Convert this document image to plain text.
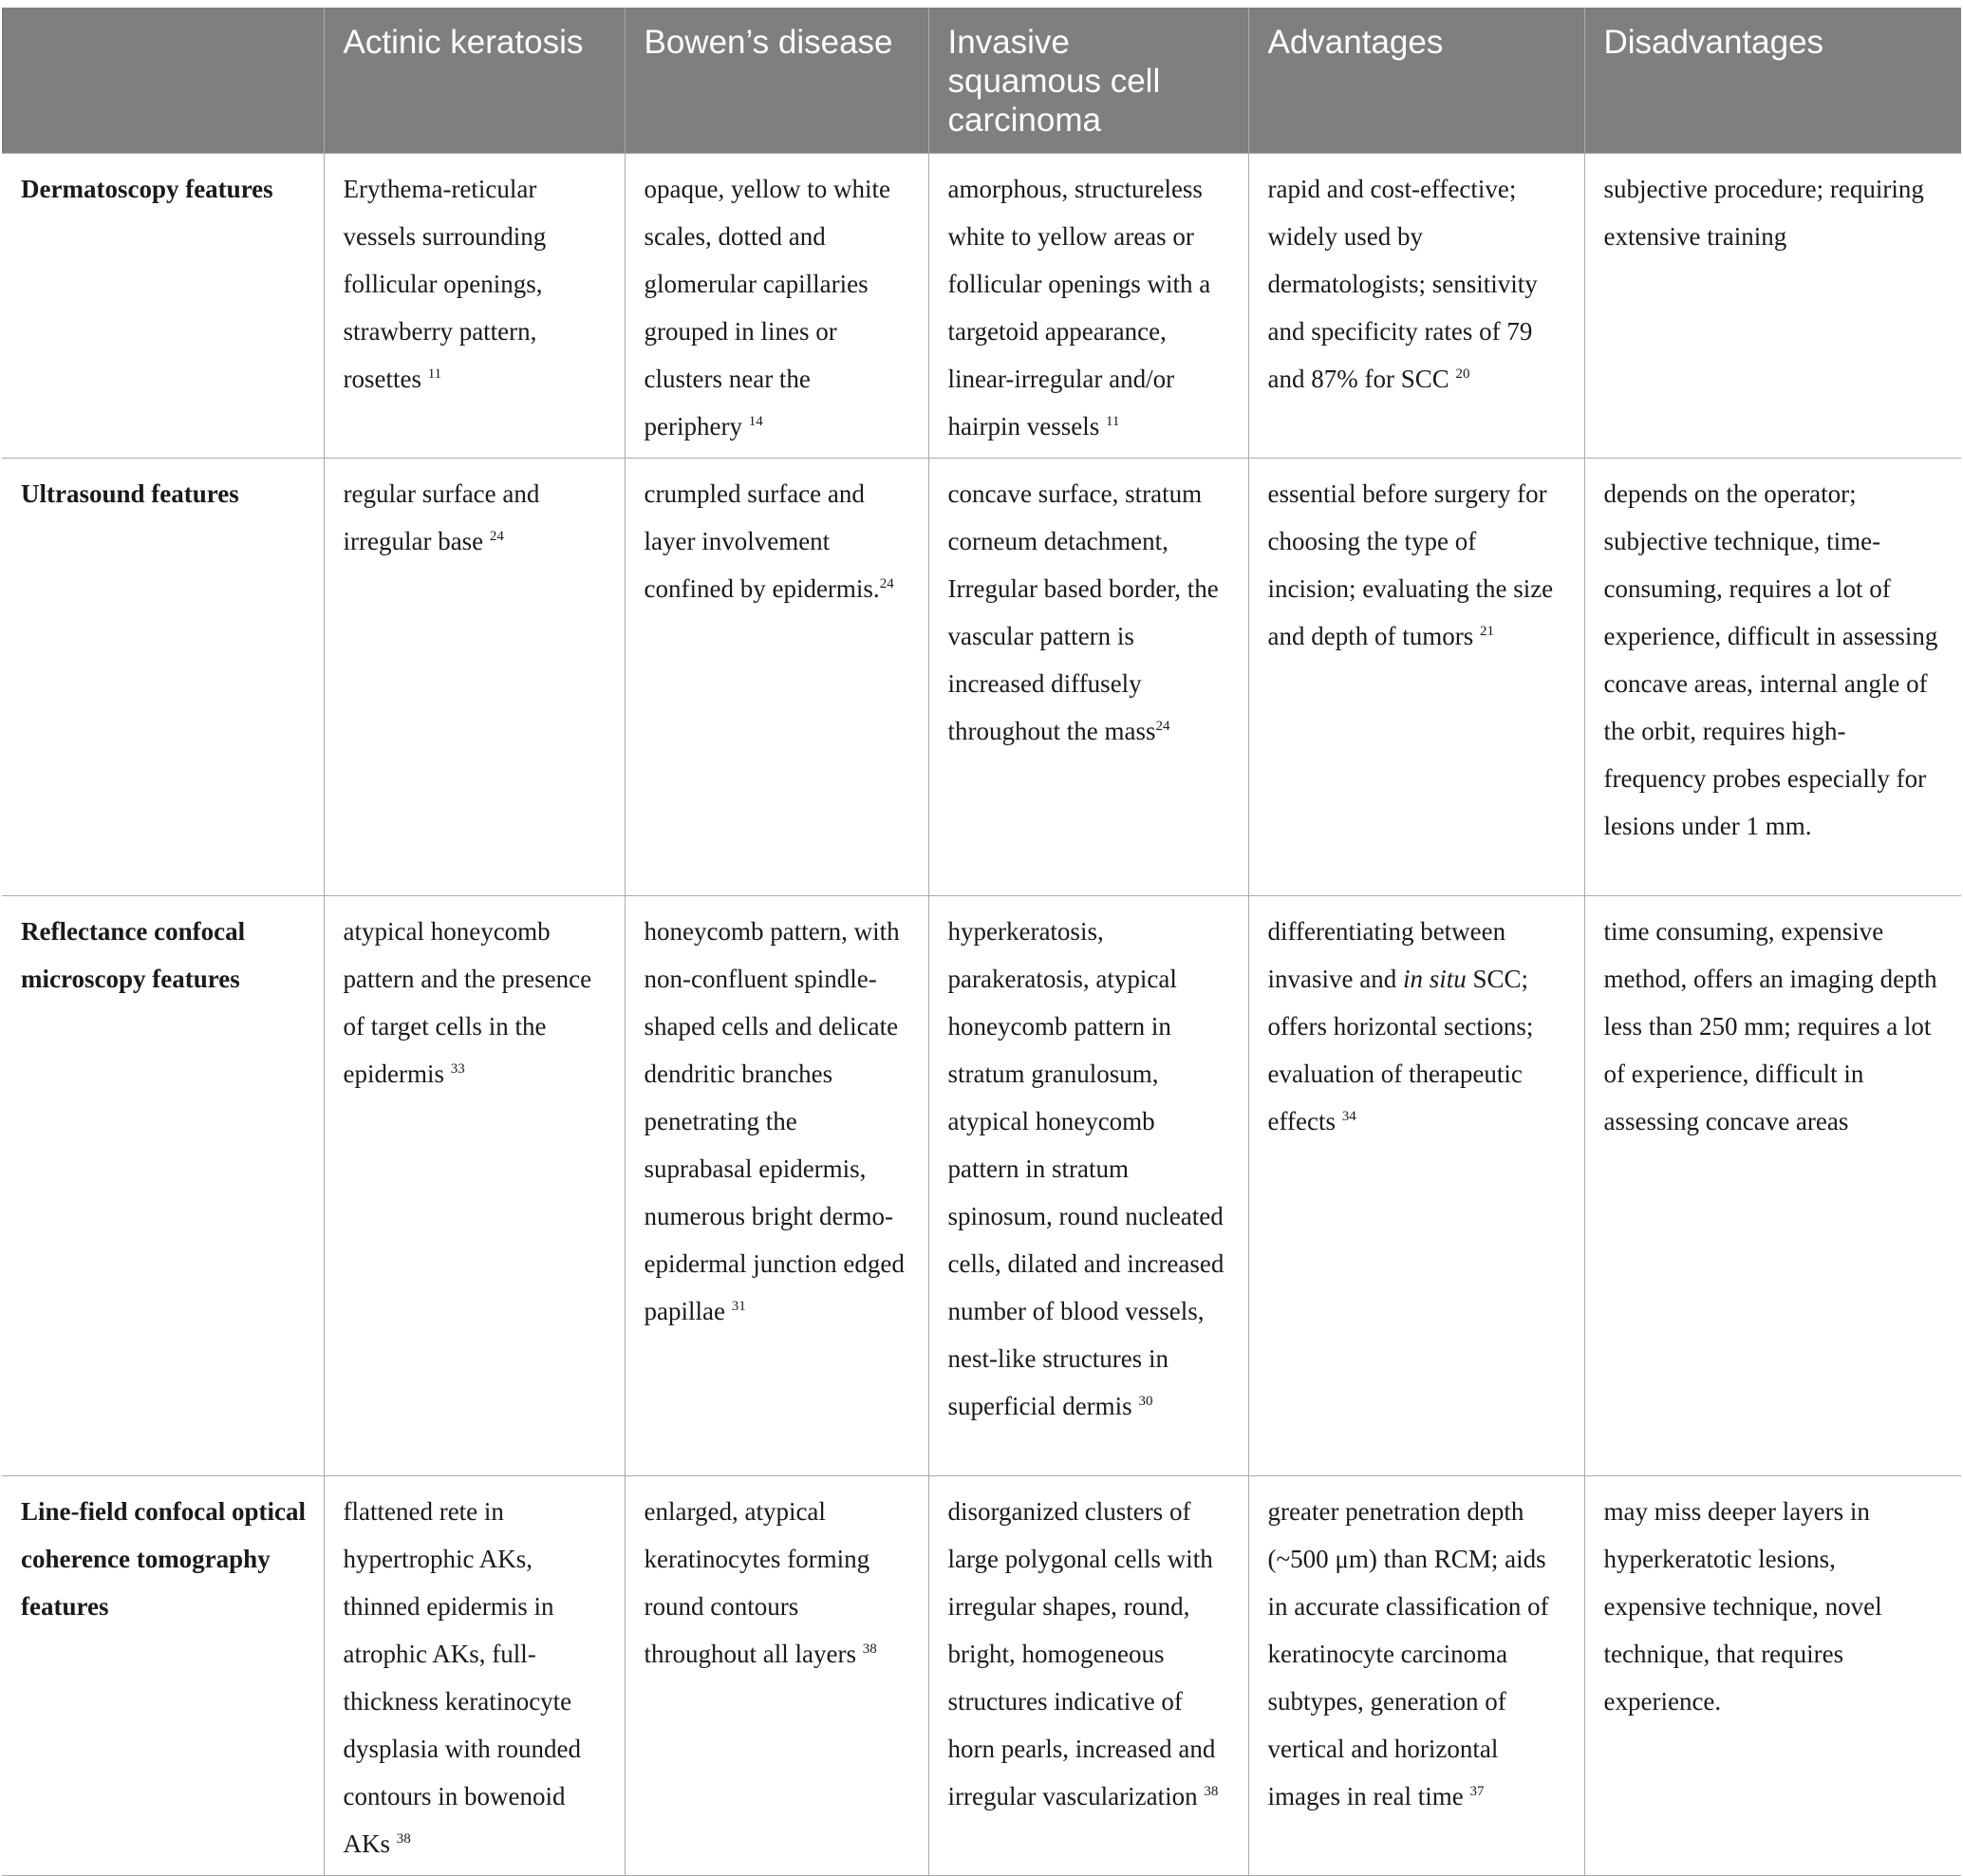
	Actinic keratosis	Bowen’s disease	Invasive squamous cell carcinoma	Advantages	Disadvantages
Dermatoscopy features	Erythema-reticular vessels surrounding follicular openings, strawberry pattern, rosettes $^{11}$	opaque, yellow to white scales, dotted and glomerular capillaries grouped in lines or clusters near the periphery $^{14}$	amorphous, structureless white to yellow areas or follicular openings with a targetoid appearance, linear-irregular and/or hairpin vessels $^{11}$	rapid and cost-effective; widely used by dermatologists; sensitivity and specificity rates of 79 and 87% for SCC $^{20}$	subjective procedure; requiring extensive training
Ultrasound features	regular surface and irregular base $^{24}$	crumpled surface and layer involvement confined by epidermis.$^{24}$	concave surface, stratum corneum detachment, Irregular based border, the vascular pattern is increased diffusely throughout the mass$^{24}$	essential before surgery for choosing the type of incision; evaluating the size and depth of tumors $^{21}$	depends on the operator; subjective technique, time-consuming, requires a lot of experience, difficult in assessing concave areas, internal angle of the orbit, requires high-frequency probes especially for lesions under 1 mm.
Reflectance confocal microscopy features	atypical honeycomb pattern and the presence of target cells in the epidermis $^{33}$	honeycomb pattern, with non-confluent spindle-shaped cells and delicate dendritic branches penetrating the suprabasal epidermis, numerous bright dermo-epidermal junction edged papillae $^{31}$	hyperkeratosis, parakeratosis, atypical honeycomb pattern in stratum granulosum, atypical honeycomb pattern in stratum spinosum, round nucleated cells, dilated and increased number of blood vessels, nest-like structures in superficial dermis $^{30}$	differentiating between invasive and in situ SCC; offers horizontal sections; evaluation of therapeutic effects $^{34}$	time consuming, expensive method, offers an imaging depth less than 250 mm; requires a lot of experience, difficult in assessing concave areas
Line-field confocal optical coherence tomography features	flattened rete in hypertrophic AKs, thinned epidermis in atrophic AKs, full-thickness keratinocyte dysplasia with rounded contours in bowenoid AKs $^{38}$	enlarged, atypical keratinocytes forming round contours throughout all layers $^{38}$	disorganized clusters of large polygonal cells with irregular shapes, round, bright, homogeneous structures indicative of horn pearls, increased and irregular vascularization $^{38}$	greater penetration depth (~500 μm) than RCM; aids in accurate classification of keratinocyte carcinoma subtypes, generation of vertical and horizontal images in real time $^{37}$	may miss deeper layers in hyperkeratotic lesions, expensive technique, novel technique, that requires experience.
